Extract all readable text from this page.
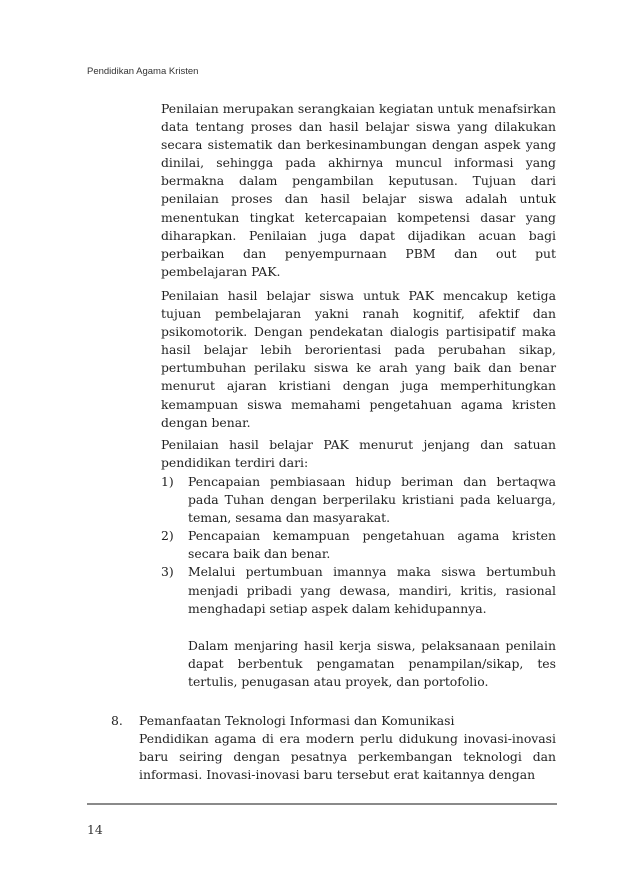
Pendidikan Agama Kristen

Penilaian merupakan serangkaian kegiatan untuk menafsirkan data tentang proses dan hasil belajar siswa yang dilakukan secara sistematik dan berkesinambungan dengan aspek yang dinilai, sehingga pada akhirnya muncul informasi yang bermakna dalam pengambilan keputusan. Tujuan dari penilaian proses dan hasil belajar siswa adalah untuk menentukan tingkat ketercapaian kompetensi dasar yang diharapkan. Penilaian juga dapat dijadikan acuan bagi perbaikan dan penyempurnaan PBM dan out put pembelajaran PAK.

Penilaian hasil belajar siswa untuk PAK mencakup ketiga tujuan pembelajaran yakni ranah kognitif, afektif dan psikomotorik. Dengan pendekatan dialogis partisipatif maka hasil belajar lebih berorientasi pada perubahan sikap, pertumbuhan perilaku siswa ke arah yang baik dan benar menurut ajaran kristiani dengan juga memperhitungkan kemampuan siswa memahami pengetahuan agama kristen dengan benar.

Penilaian hasil belajar PAK menurut jenjang dan satuan pendidikan terdiri dari:

1) Pencapaian pembiasaan hidup beriman dan bertaqwa pada Tuhan dengan berperilaku kristiani pada keluarga, teman, sesama dan masyarakat.

2) Pencapaian kemampuan pengetahuan agama kristen secara baik dan benar.

3) Melalui pertumbuan imannya maka siswa bertumbuh menjadi pribadi yang dewasa, mandiri, kritis, rasional menghadapi setiap aspek dalam kehidupannya.

Dalam menjaring hasil kerja siswa, pelaksanaan penilain dapat berbentuk pengamatan penampilan/sikap, tes tertulis, penugasan atau proyek, dan portofolio.

8. Pemanfaatan Teknologi Informasi dan Komunikasi

Pendidikan agama di era modern perlu didukung inovasi-inovasi baru seiring dengan pesatnya perkembangan teknologi dan informasi. Inovasi-inovasi baru tersebut erat kaitannya dengan

14
